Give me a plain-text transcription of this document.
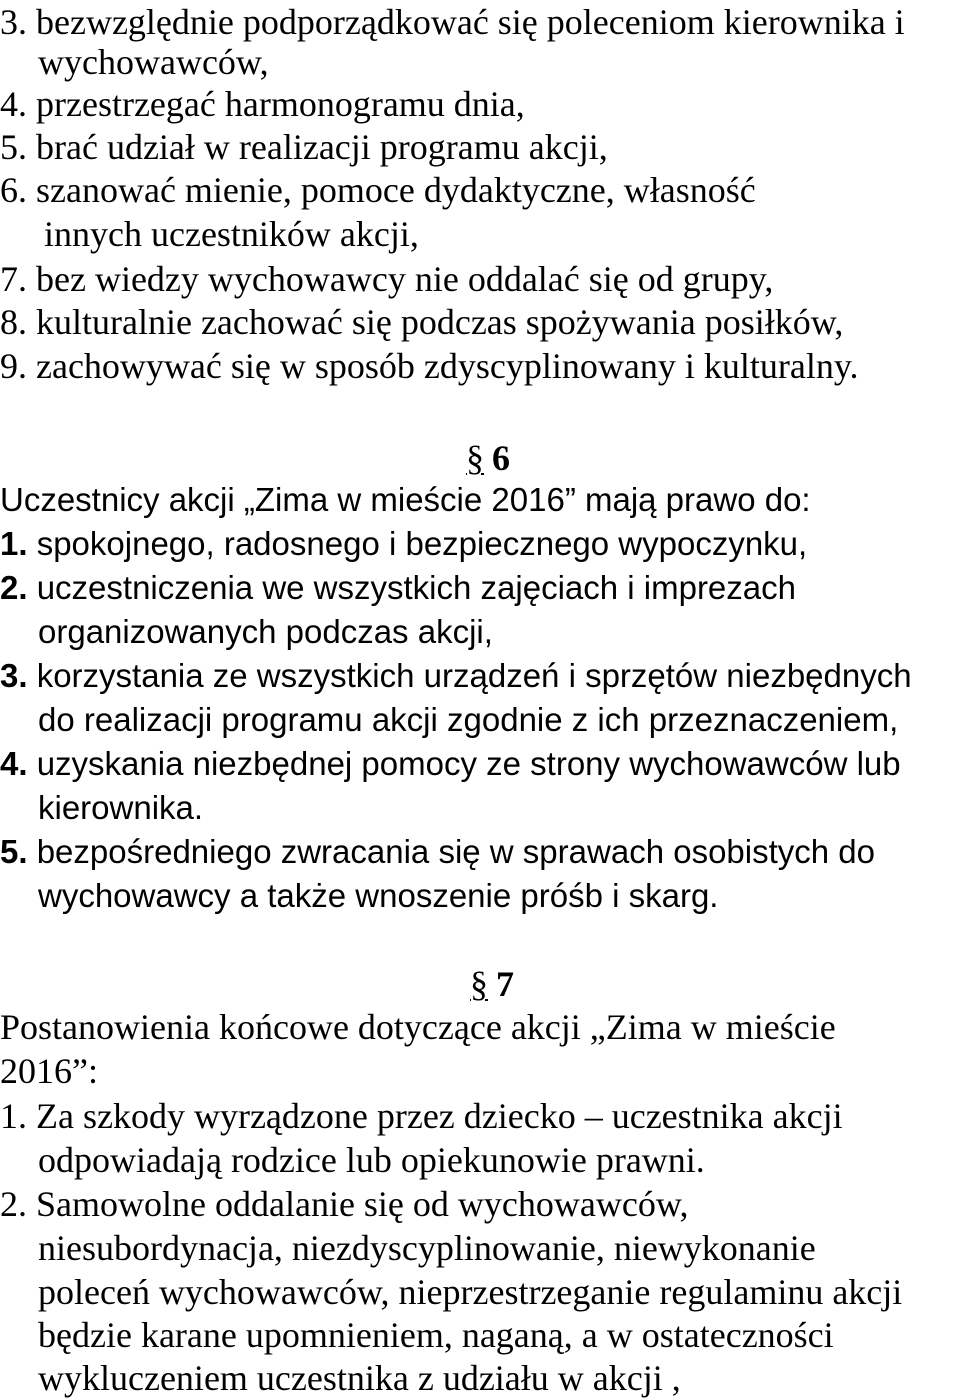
3. bezwzględnie podporządkować się poleceniom kierownika i
wychowawców,
4. przestrzegać harmonogramu dnia,
5. brać udział w realizacji programu akcji,
6. szanować mienie, pomoce dydaktyczne, własność
innych uczestników akcji,
7. bez wiedzy wychowawcy nie oddalać się od grupy,
8. kulturalnie zachować się podczas spożywania posiłków,
9. zachowywać się w sposób zdyscyplinowany i kulturalny.
§ 6
Uczestnicy akcji „Zima w mieście 2016” mają prawo do:
1. spokojnego, radosnego i bezpiecznego wypoczynku,
2. uczestniczenia we wszystkich zajęciach i imprezach
organizowanych podczas akcji,
3. korzystania ze wszystkich urządzeń i sprzętów niezbędnych
do realizacji programu akcji zgodnie z ich przeznaczeniem,
4. uzyskania niezbędnej pomocy ze strony wychowawców lub
kierownika.
5. bezpośredniego zwracania się w sprawach osobistych do
wychowawcy a także wnoszenie próśb i skarg.
§ 7
Postanowienia końcowe dotyczące akcji „Zima w mieście
2016”:
1. Za szkody wyrządzone przez dziecko – uczestnika akcji
odpowiadają rodzice lub opiekunowie prawni.
2. Samowolne oddalanie się od wychowawców,
niesubordynacja, niezdyscyplinowanie, niewykonanie
poleceń wychowawców, nieprzestrzeganie regulaminu akcji
będzie karane upomnieniem, naganą, a w ostateczności
wykluczeniem uczestnika z udziału w akcji ,
